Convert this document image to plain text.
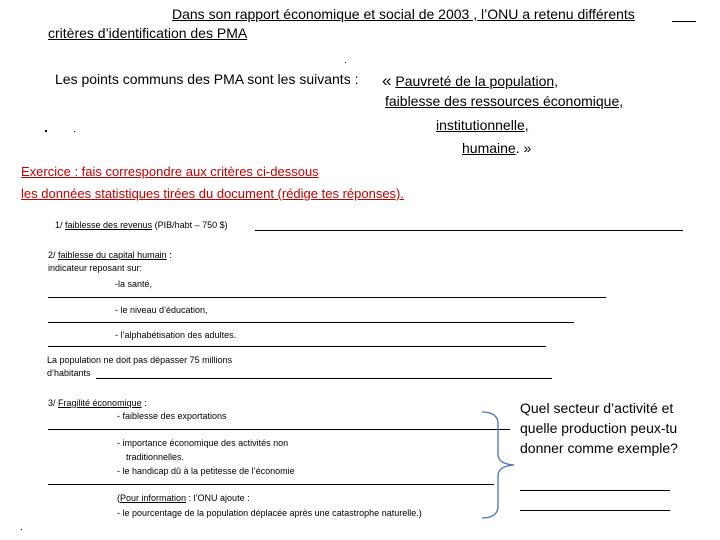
Dans son rapport économique et social de 2003 , l’ONU a retenu différents
critères d’identification des PMA
Les points communs des PMA sont les suivants : « Pauvreté de la population,
faiblesse des ressources économique,
institutionnelle,
humaine. »
Exercice : fais correspondre aux critères ci-dessous
les données statistiques tirées du document (rédige tes réponses).
1/ faiblesse des revenus (PIB/habt – 750 $)
2/ faiblesse du capital humain :
indicateur reposant sur:
-la santé,
- le niveau d’éducation,
- l’alphabétisation des adultes.
La population ne doit pas dépasser 75 millions
d’habitants
3/ Fragilité économique :
- faiblesse des exportations
- importance économique des activités non
traditionnelles.
- le handicap dû à la petitesse de l’économie
(Pour information : l’ONU ajoute :
- le pourcentage de la population déplacée après une catastrophe naturelle.)
Quel secteur d’activité et quelle production peux-tu donner comme exemple?
